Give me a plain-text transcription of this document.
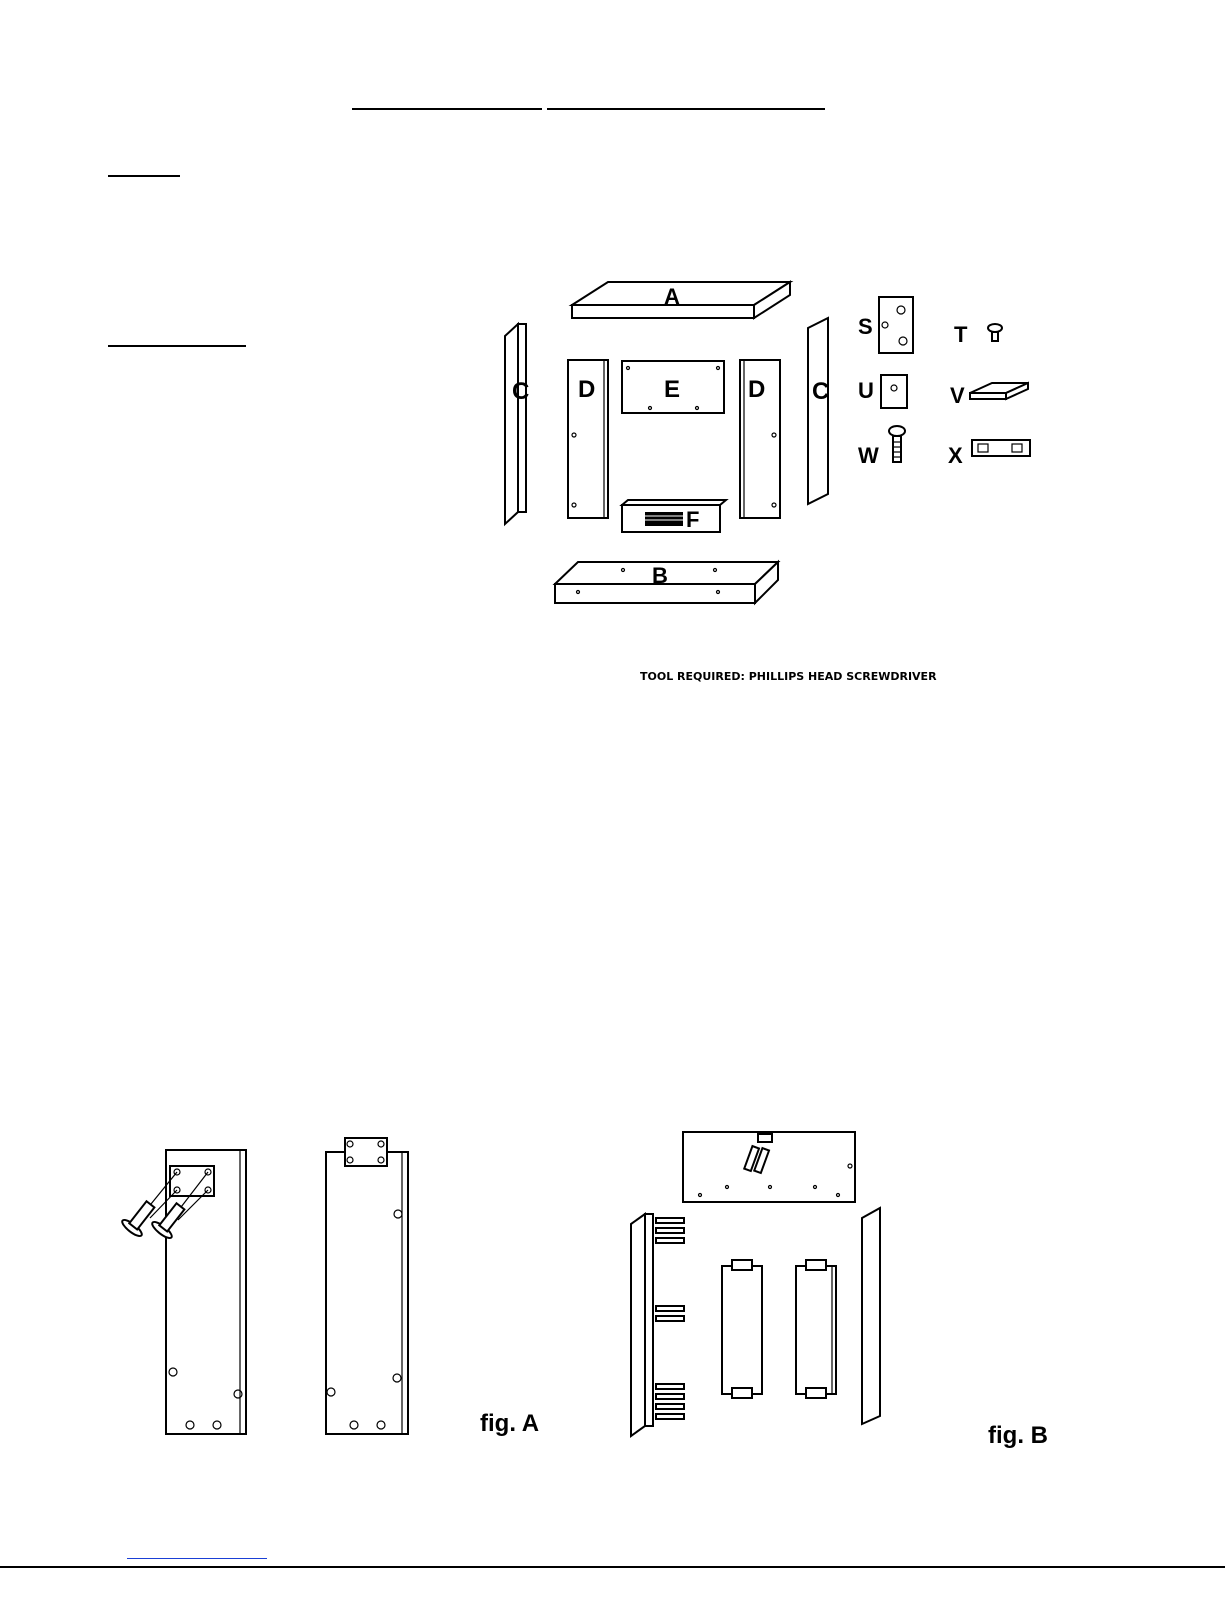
A
C D	E	D C
F
B
S	T
U	V
W	X
TOOL REQUIRED: PHILLIPS HEAD SCREWDRIVER
fig. A	fig. B
